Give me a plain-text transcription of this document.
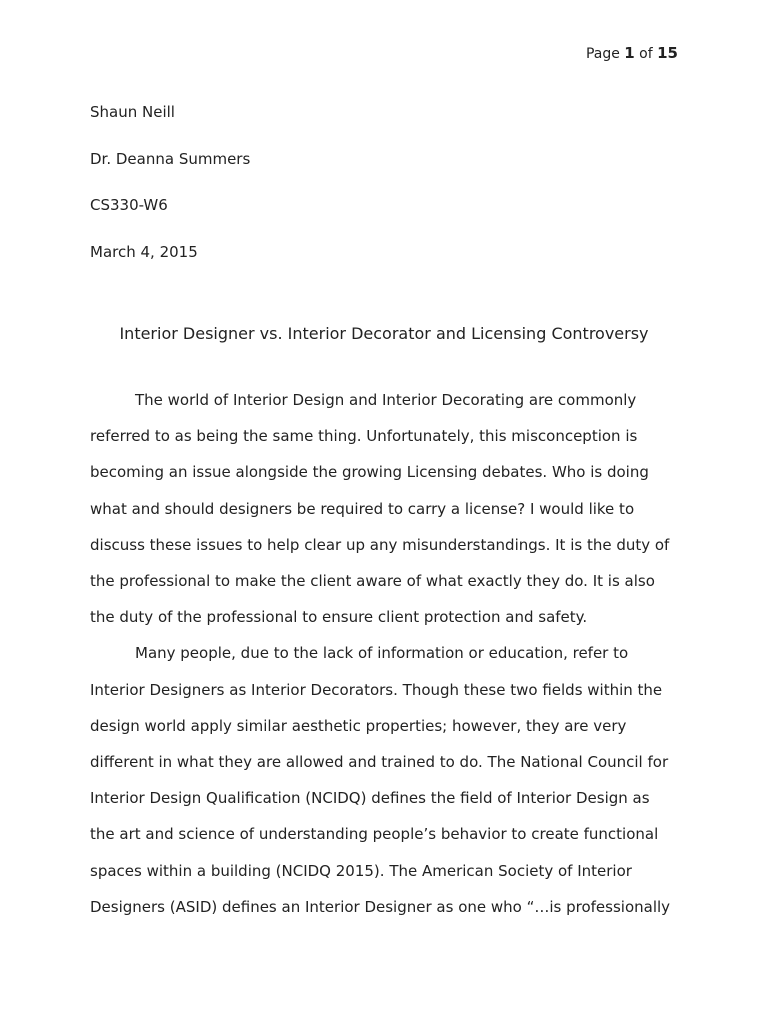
Page 1 of 15
Shaun Neill
Dr. Deanna Summers
CS330-W6
March 4, 2015
Interior Designer vs. Interior Decorator and Licensing Controversy
The world of Interior Design and Interior Decorating are commonly
referred to as being the same thing. Unfortunately, this misconception is
becoming an issue alongside the growing Licensing debates. Who is doing
what and should designers be required to carry a license? I would like to
discuss these issues to help clear up any misunderstandings. It is the duty of
the professional to make the client aware of what exactly they do. It is also
the duty of the professional to ensure client protection and safety.
Many people, due to the lack of information or education, refer to
Interior Designers as Interior Decorators. Though these two fields within the
design world apply similar aesthetic properties; however, they are very
different in what they are allowed and trained to do. The National Council for
Interior Design Qualification (NCIDQ) defines the field of Interior Design as
the art and science of understanding people’s behavior to create functional
spaces within a building (NCIDQ 2015). The American Society of Interior
Designers (ASID) defines an Interior Designer as one who “…is professionally
